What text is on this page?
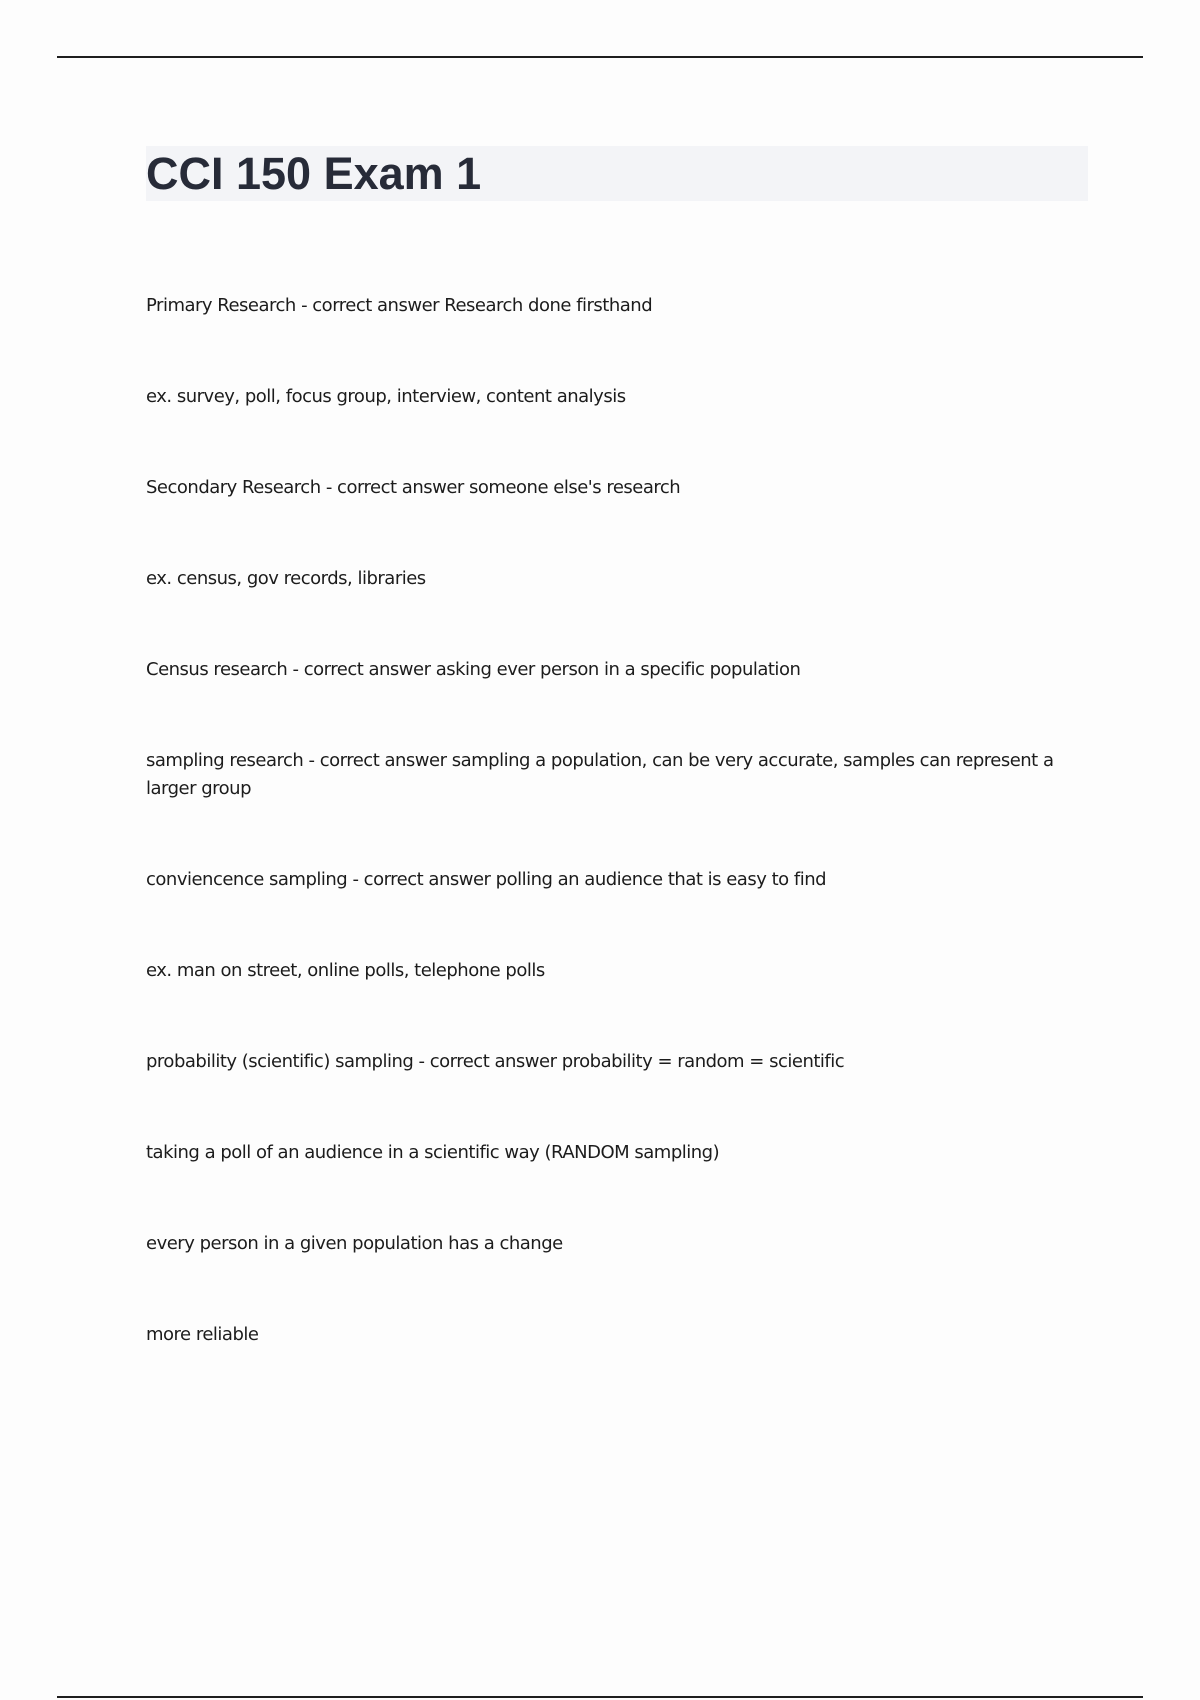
CCI 150 Exam 1

Primary Research - correct answer Research done firsthand

ex. survey, poll, focus group, interview, content analysis

Secondary Research - correct answer someone else's research

ex. census, gov records, libraries

Census research - correct answer asking ever person in a specific population

sampling research - correct answer sampling a population, can be very accurate, samples can represent a larger group

conviencence sampling - correct answer polling an audience that is easy to find

ex. man on street, online polls, telephone polls

probability (scientific) sampling - correct answer probability = random = scientific

taking a poll of an audience in a scientific way (RANDOM sampling)

every person in a given population has a change

more reliable
